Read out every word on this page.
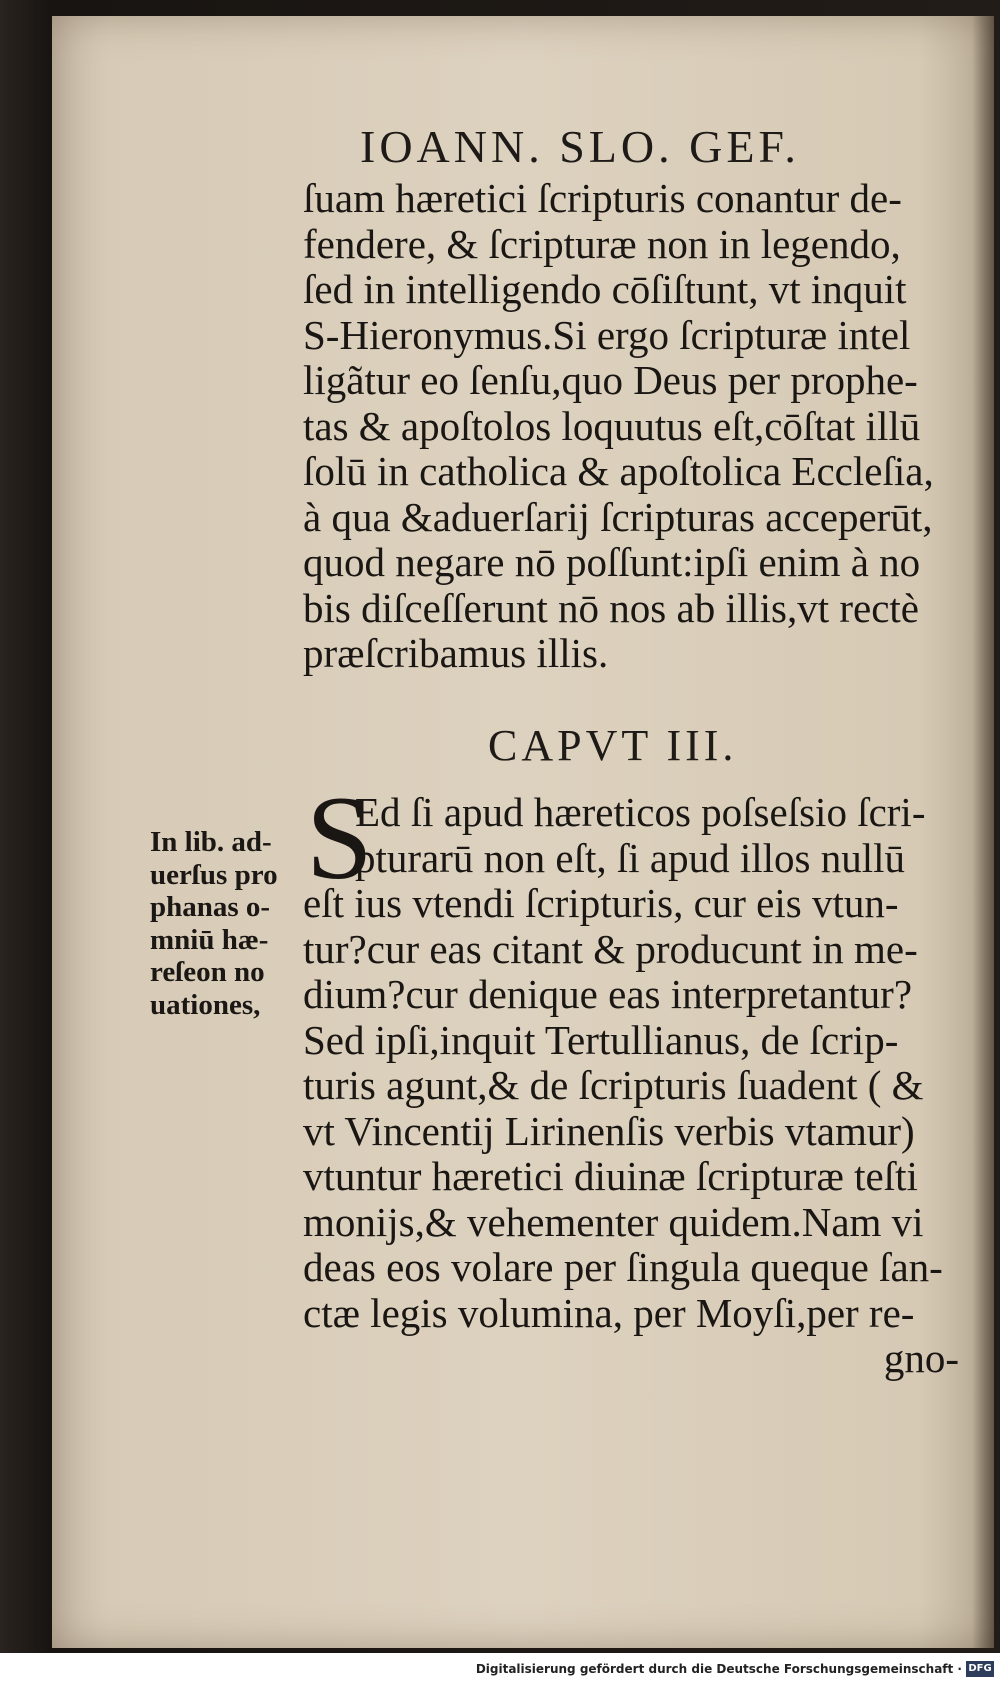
IOANN. SLO. GEF.
ſuam hæretici ſcripturis conantur de-
fendere, & ſcripturæ non in legendo,
ſed in intelligendo cōſiſtunt, vt inquit
S-Hieronymus.Si ergo ſcripturæ intel
ligãtur eo ſenſu,quo Deus per prophe-
tas & apoſtolos loquutus eſt,cōſtat illū
ſolū in catholica & apoſtolica Eccleſia,
à qua &aduerſarij ſcripturas acceperūt,
quod negare nō poſſunt:ipſi enim à no
bis diſceſſerunt nō nos ab illis,vt rectè
præſcribamus illis.
CAPVT III.
S
In lib. ad-
uerſus pro
phanas o-
mniū hæ-
reſeon no
uationes,
Ed ſi apud hæreticos poſseſsio ſcri-
pturarū non eſt, ſi apud illos nullū
eſt ius vtendi ſcripturis, cur eis vtun-
tur?cur eas citant & producunt in me-
dium?cur denique eas interpretantur?
Sed ipſi,inquit Tertullianus, de ſcrip-
turis agunt,& de ſcripturis ſuadent ( &
vt Vincentij Lirinenſis verbis vtamur)
vtuntur hæretici diuinæ ſcripturæ teſti
monijs,& vehementer quidem.Nam vi
deas eos volare per ſingula queque ſan-
ctæ legis volumina, per Moyſi,per re-
gno-
Digitalisierung gefördert durch die Deutsche Forschungsgemeinschaft · DFG
